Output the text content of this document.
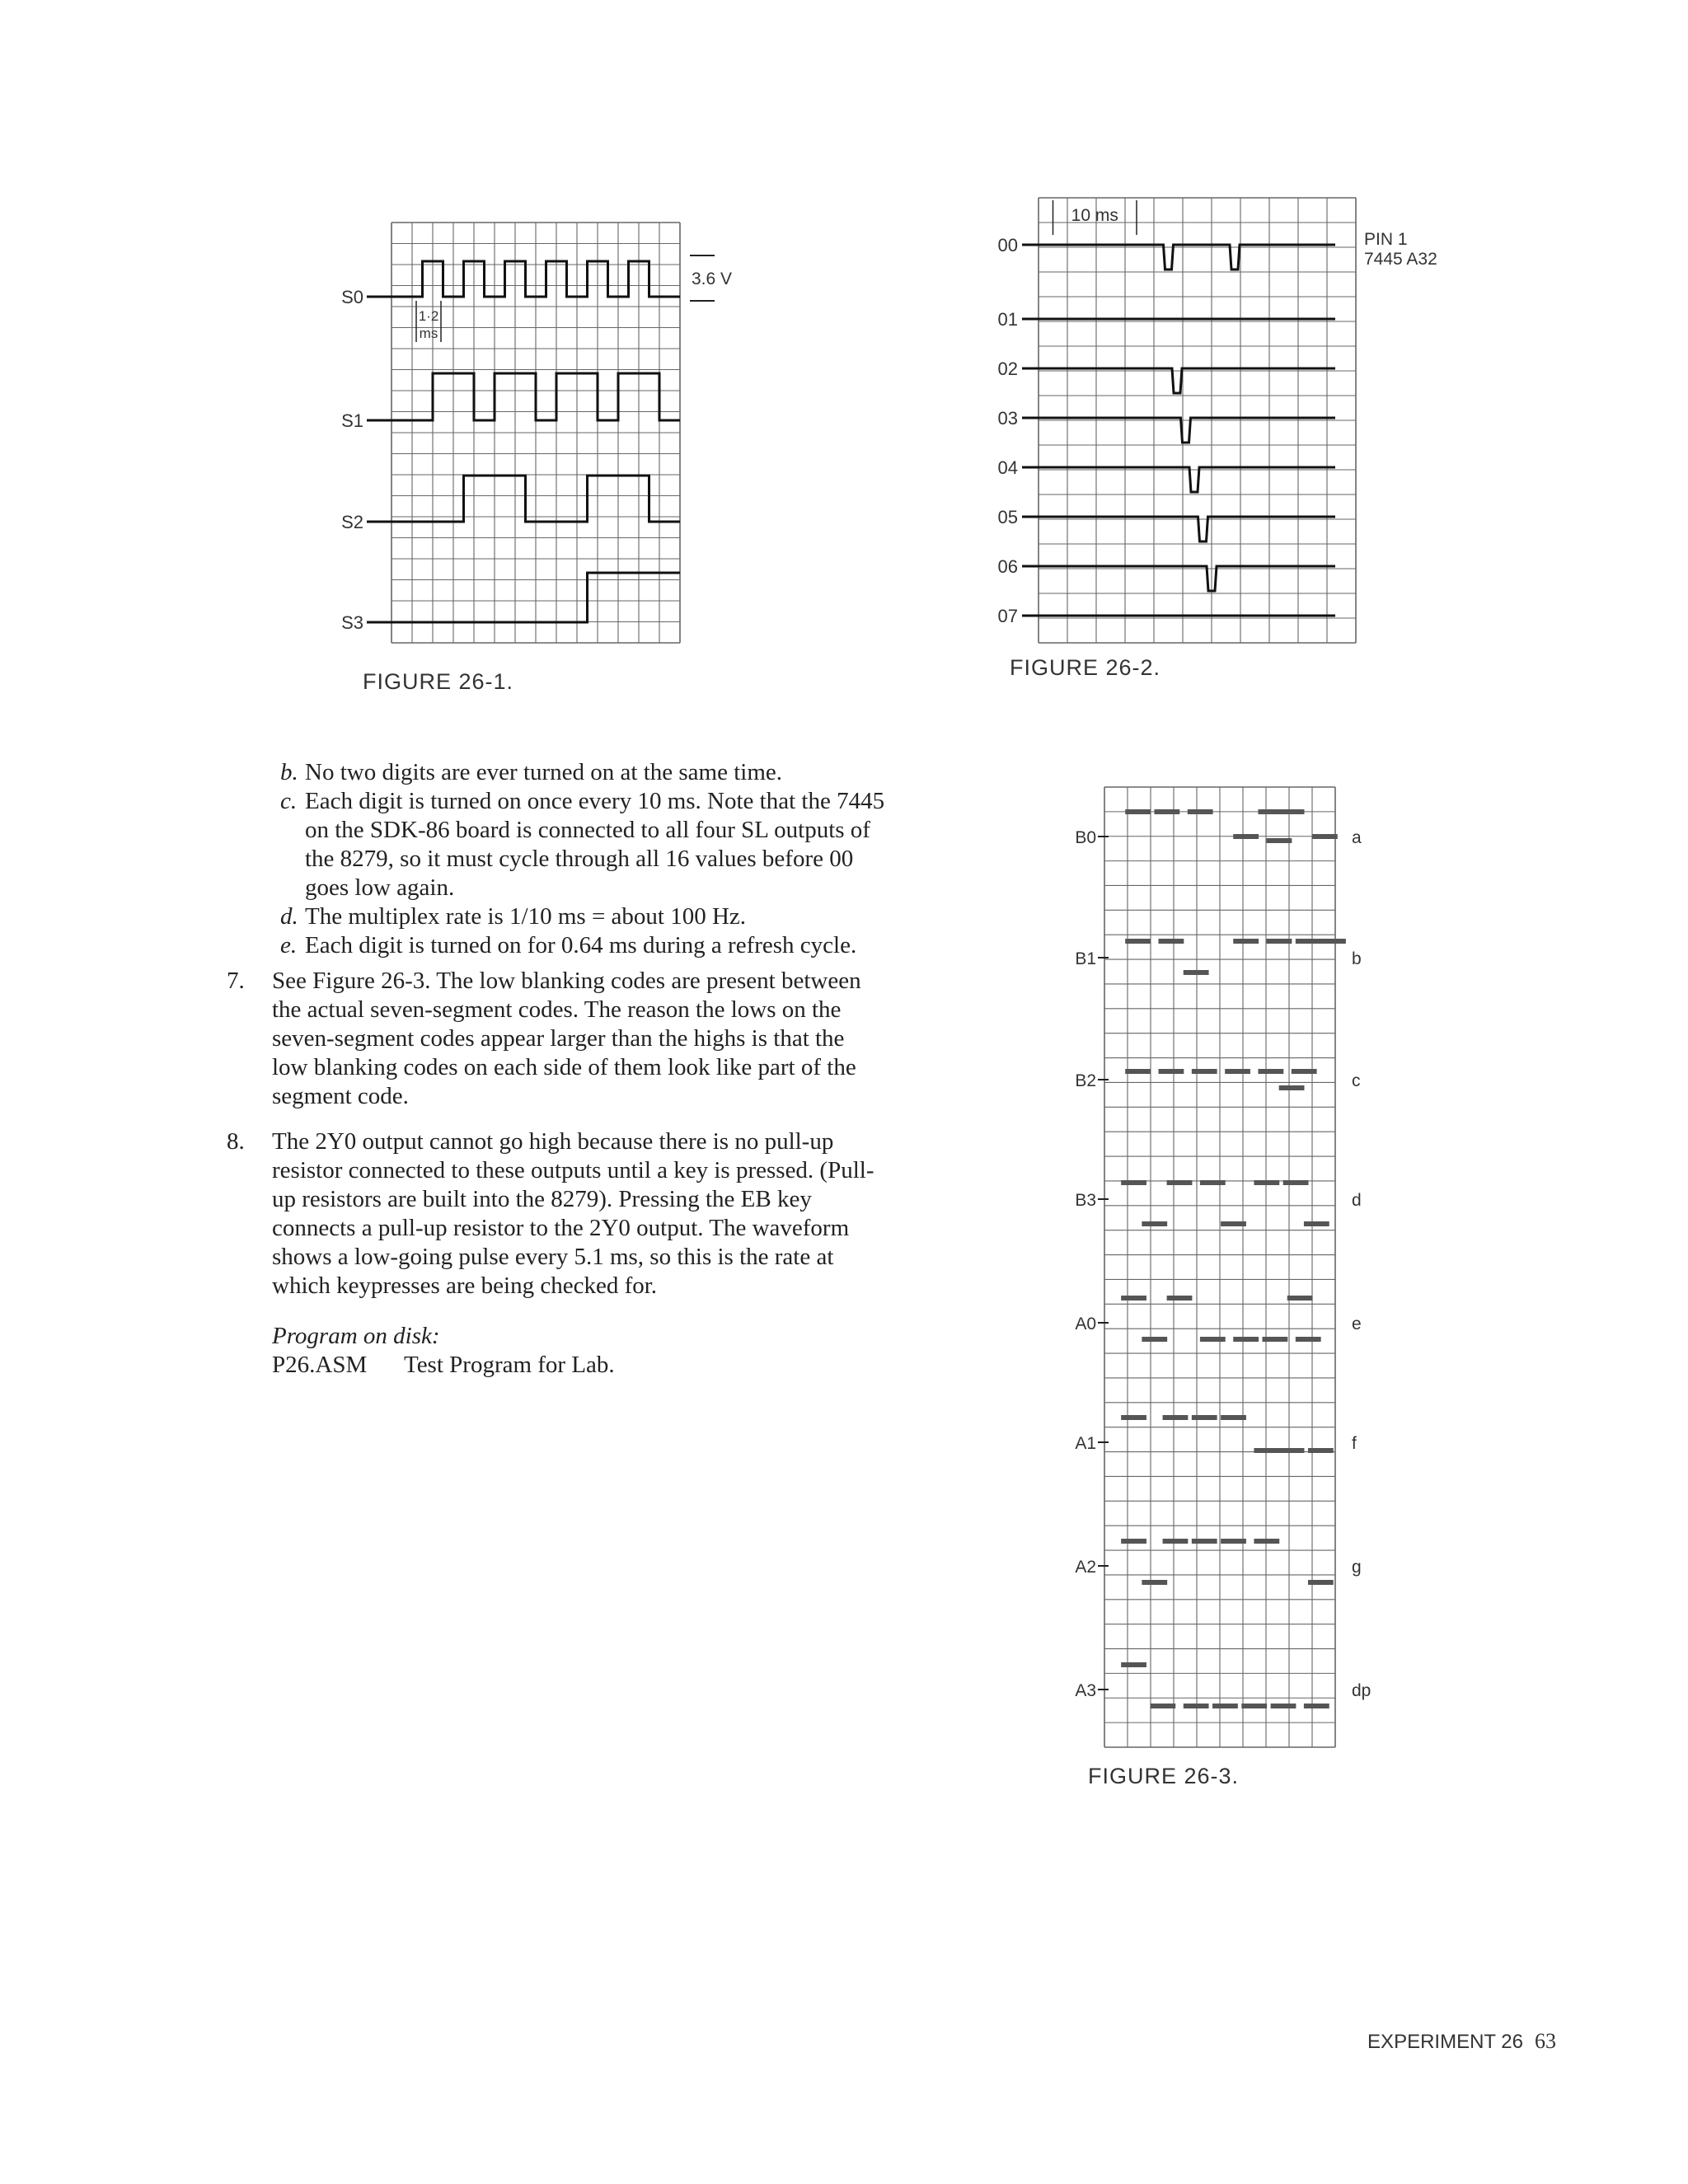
S0
S1
S2
S3
3.6 V
1·2
ms
FIGURE 26-1.
00
01
02
03
04
05
06
07
10 ms
PIN 1
7445 A32
FIGURE 26-2.
B0	a
B1	b
B2	c
B3	d
A0	e
A1	f
A2	g
A3	dp
FIGURE 26-3.
b. No two digits are ever turned on at the same time.
c. Each digit is turned on once every 10 ms. Note that the 7445 on the SDK-86 board is connected to all four SL outputs of the 8279, so it must cycle through all 16 values before 00 goes low again.
d. The multiplex rate is 1/10 ms = about 100 Hz.
e. Each digit is turned on for 0.64 ms during a refresh cycle.
7. See Figure 26-3. The low blanking codes are present between the actual seven-segment codes. The reason the lows on the seven-segment codes appear larger than the highs is that the low blanking codes on each side of them look like part of the segment code.
8. The 2Y0 output cannot go high because there is no pull-up resistor connected to these outputs until a key is pressed. (Pull-up resistors are built into the 8279). Pressing the EB key connects a pull-up resistor to the 2Y0 output. The waveform shows a low-going pulse every 5.1 ms, so this is the rate at which keypresses are being checked for.
Program on disk:
P26.ASM Test Program for Lab.
EXPERIMENT 26 63
